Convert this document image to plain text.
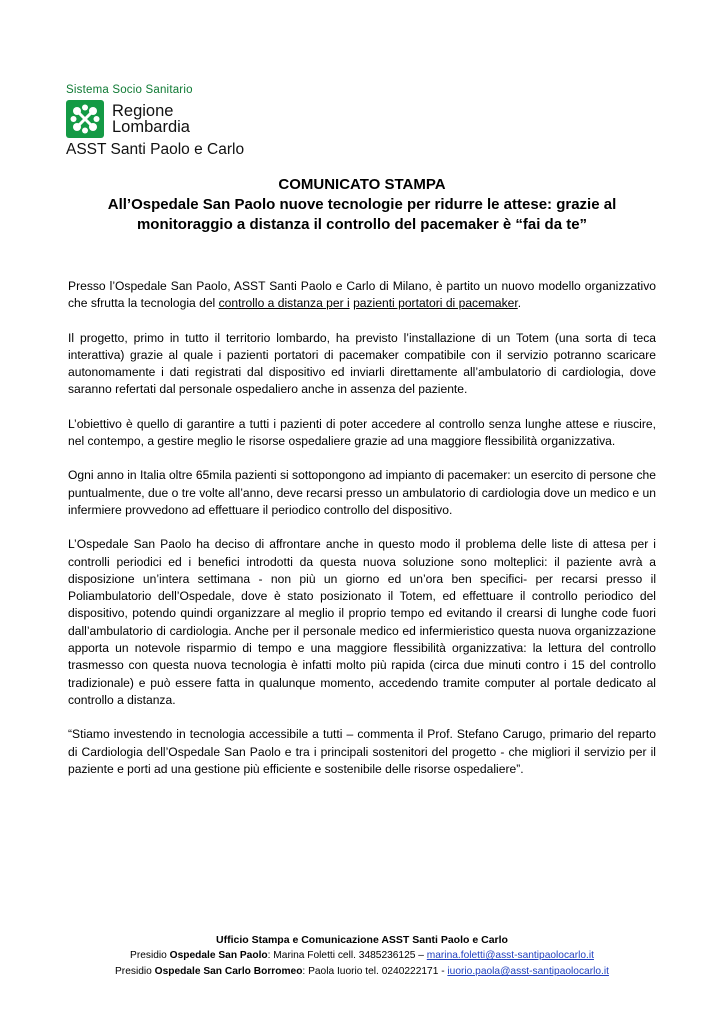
Sistema Socio Sanitario
Regione
Lombardia
ASST Santi Paolo e Carlo
COMUNICATO STAMPA
All’Ospedale San Paolo nuove tecnologie per ridurre le attese: grazie al
monitoraggio a distanza il controllo del pacemaker è “fai da te”

Presso l’Ospedale San Paolo, ASST Santi Paolo e Carlo di Milano, è partito un nuovo modello organizzativo che sfrutta la tecnologia del controllo a distanza per i pazienti portatori di pacemaker.

Il progetto, primo in tutto il territorio lombardo, ha previsto l’installazione di un Totem (una sorta di teca interattiva) grazie al quale i pazienti portatori di pacemaker compatibile con il servizio potranno scaricare autonomamente i dati registrati dal dispositivo ed inviarli direttamente all’ambulatorio di cardiologia, dove saranno refertati dal personale ospedaliero anche in assenza del paziente.

L’obiettivo è quello di garantire a tutti i pazienti di poter accedere al controllo senza lunghe attese e riuscire, nel contempo, a gestire meglio le risorse ospedaliere grazie ad una maggiore flessibilità organizzativa.

Ogni anno in Italia oltre 65mila pazienti si sottopongono ad impianto di pacemaker: un esercito di persone che puntualmente, due o tre volte all’anno, deve recarsi presso un ambulatorio di cardiologia dove un medico e un infermiere provvedono ad effettuare il periodico controllo del dispositivo.

L’Ospedale San Paolo ha deciso di affrontare anche in questo modo il problema delle liste di attesa per i controlli periodici ed i benefici introdotti da questa nuova soluzione sono molteplici: il paziente avrà a disposizione un’intera settimana - non più un giorno ed un’ora ben specifici- per recarsi presso il Poliambulatorio dell’Ospedale, dove è stato posizionato il Totem, ed effettuare il controllo periodico del dispositivo, potendo quindi organizzare al meglio il proprio tempo ed evitando il crearsi di lunghe code fuori dall’ambulatorio di cardiologia. Anche per il personale medico ed infermieristico questa nuova organizzazione apporta un notevole risparmio di tempo e una maggiore flessibilità organizzativa: la lettura del controllo trasmesso con questa nuova tecnologia è infatti molto più rapida (circa due minuti contro i 15 del controllo tradizionale) e può essere fatta in qualunque momento, accedendo tramite computer al portale dedicato al controllo a distanza.

“Stiamo investendo in tecnologia accessibile a tutti – commenta il Prof. Stefano Carugo, primario del reparto di Cardiologia dell’Ospedale San Paolo e tra i principali sostenitori del progetto - che migliori il servizio per il paziente e porti ad una gestione più efficiente e sostenibile delle risorse ospedaliere”.

Ufficio Stampa e Comunicazione ASST Santi Paolo e Carlo
Presidio Ospedale San Paolo: Marina Foletti cell. 3485236125 – marina.foletti@asst-santipaolocarlo.it
Presidio Ospedale San Carlo Borromeo: Paola Iuorio tel. 0240222171 - iuorio.paola@asst-santipaolocarlo.it
